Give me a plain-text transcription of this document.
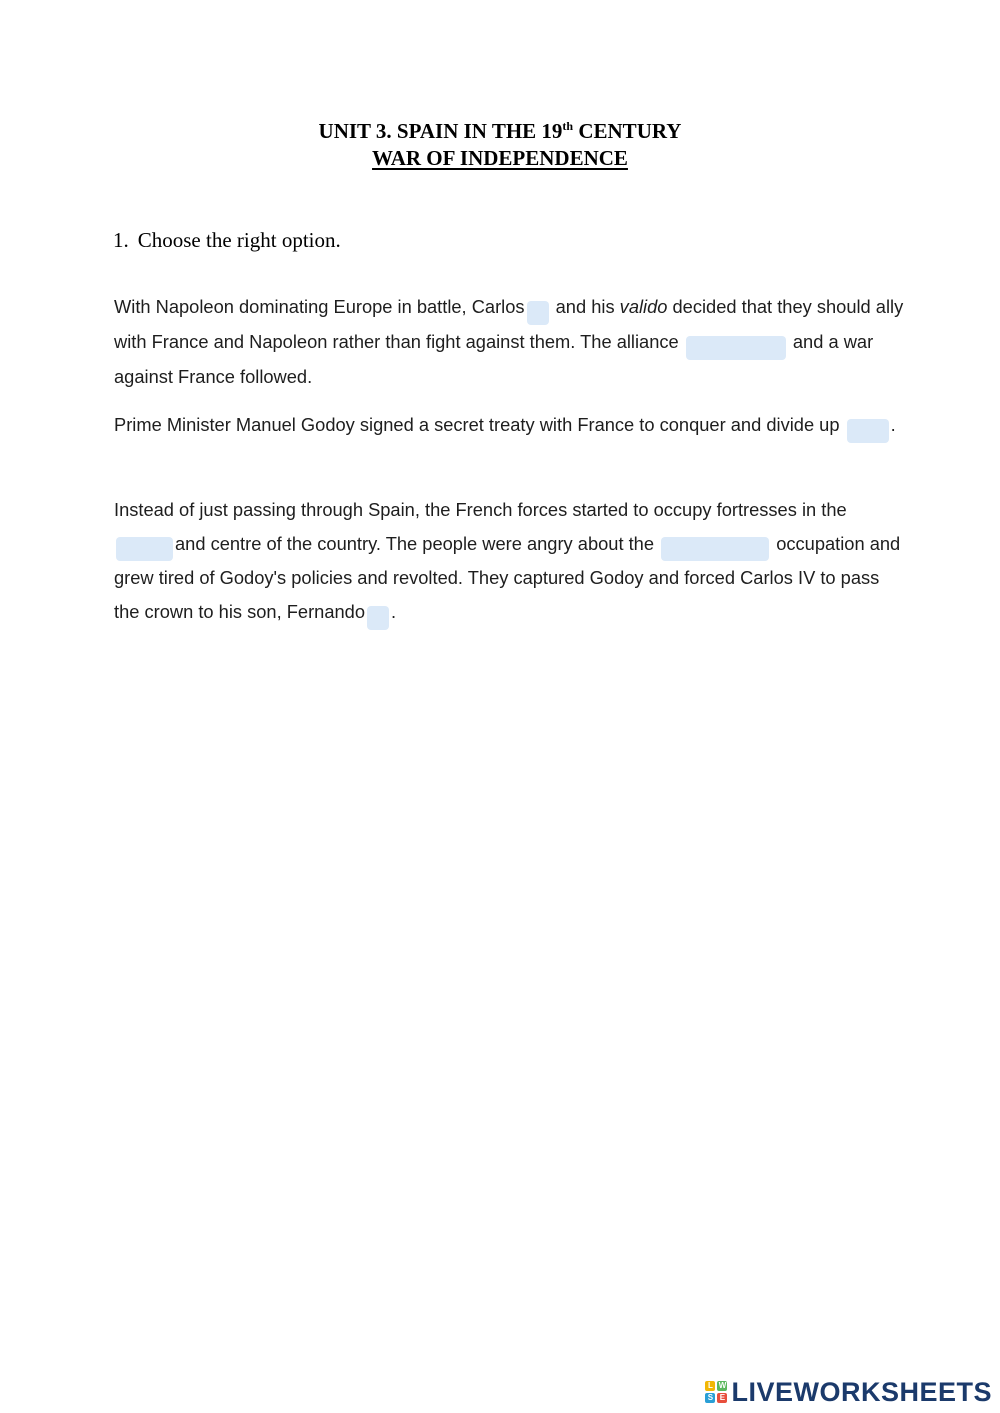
UNIT 3. SPAIN IN THE 19th CENTURY
WAR OF INDEPENDENCE
1. Choose the right option.
With Napoleon dominating Europe in battle, Carlos and his valido decided that they should ally with France and Napoleon rather than fight against them. The alliance	and a war against France followed.
Prime Minister Manuel Godoy signed a secret treaty with France to conquer and divide up	.
Instead of just passing through Spain, the French forces started to occupy fortresses in the and centre of the country. The people were angry about the	occupation and grew tired of Godoy's policies and revolted. They captured Godoy and forced Carlos IV to pass the crown to his son, Fernando .
L W
S E LIVEWORKSHEETS
